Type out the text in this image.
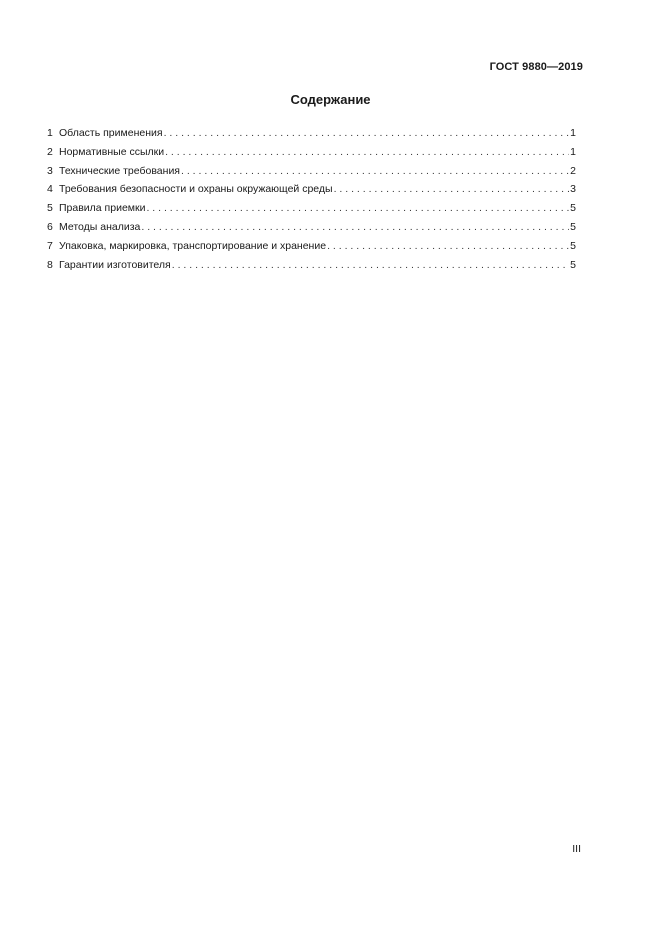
ГОСТ 9880—2019
Содержание
1 Область применения . . .	1
2 Нормативные ссылки . . .	1
3 Технические требования . . .	2
4 Требования безопасности и охраны окружающей среды . . .	3
5 Правила приемки . . .	5
6 Методы анализа . . .	5
7 Упаковка, маркировка, транспортирование и хранение . . .	5
8 Гарантии изготовителя . . .	5
III
